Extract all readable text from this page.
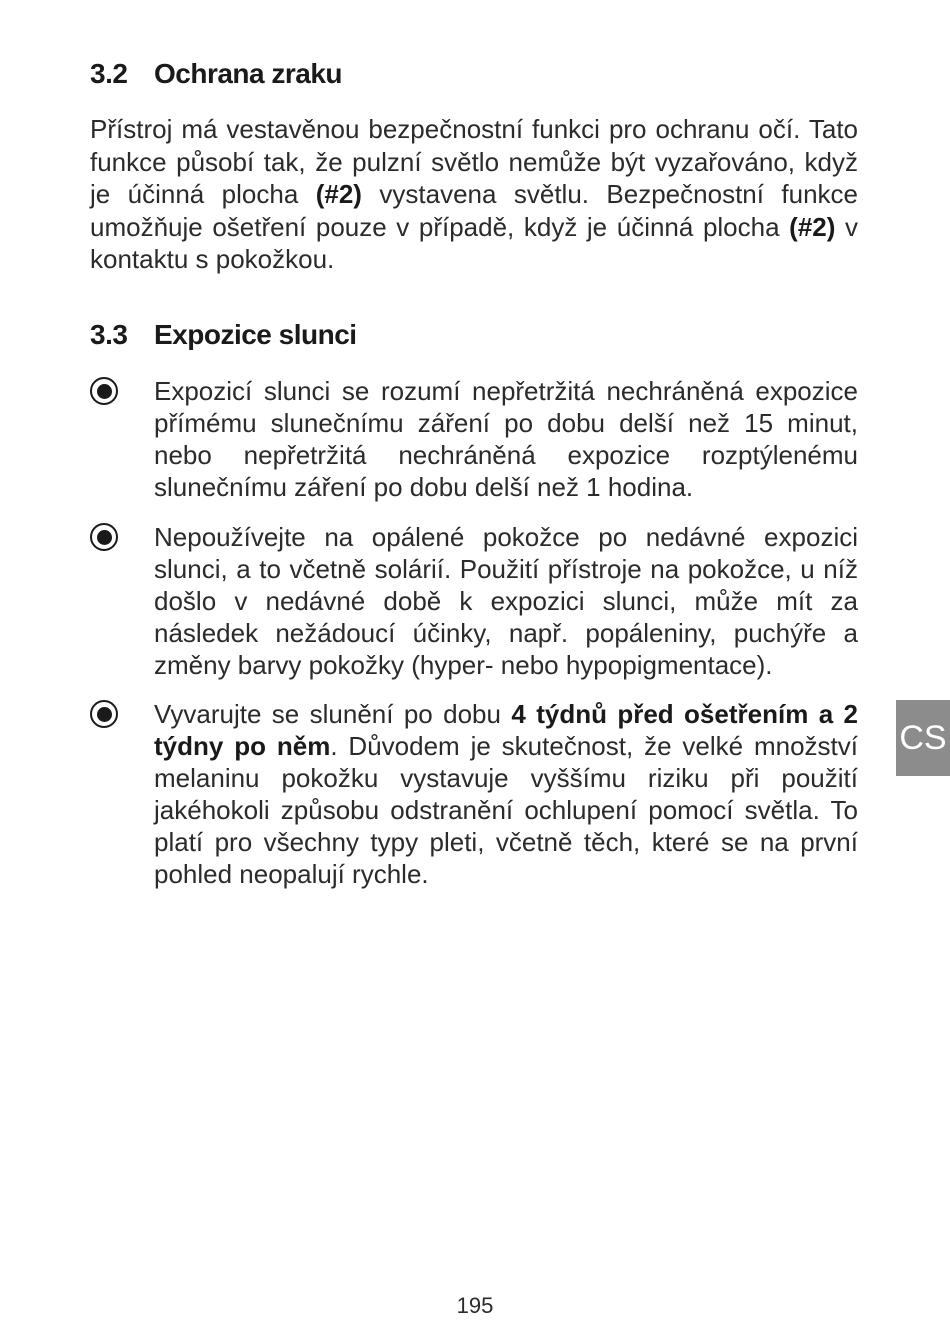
3.2 Ochrana zraku

Přístroj má vestavěnou bezpečnostní funkci pro ochranu očí. Tato funkce působí tak, že pulzní světlo nemůže být vyzařováno, když je účinná plocha (#2) vystavena světlu. Bezpečnostní funkce umožňuje ošetření pouze v případě, když je účinná plocha (#2) v kontaktu s pokožkou.

3.3 Expozice slunci

Expozicí slunci se rozumí nepřetržitá nechráněná expozice přímému slunečnímu záření po dobu delší než 15 minut, nebo nepřetržitá nechráněná expozice rozptýlenému slunečnímu záření po dobu delší než 1 hodina.

Nepoužívejte na opálené pokožce po nedávné expozici slunci, a to včetně solárií. Použití přístroje na pokožce, u níž došlo v nedávné době k expozici slunci, může mít za následek nežádoucí účinky, např. popáleniny, puchýře a změny barvy pokožky (hyper- nebo hypopigmentace).

Vyvarujte se slunění po dobu 4 týdnů před ošetřením a 2 týdny po něm. Důvodem je skutečnost, že velké množství melaninu pokožku vystavuje vyššímu riziku při použití jakéhokoli způsobu odstranění ochlupení pomocí světla. To platí pro všechny typy pleti, včetně těch, které se na první pohled neopalují rychle.

CS
195
